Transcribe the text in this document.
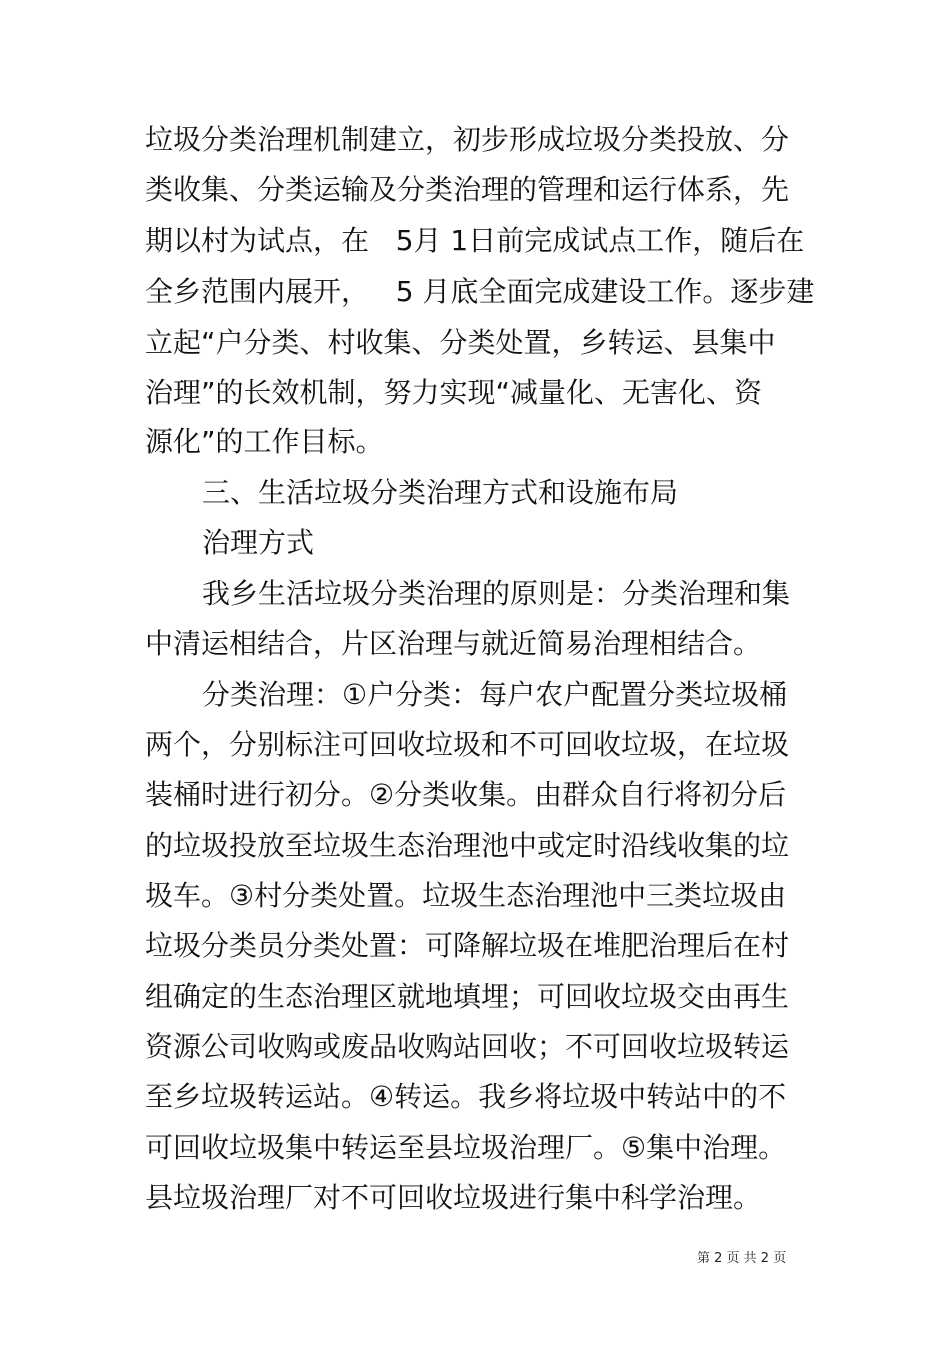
垃圾分类治理机制建立，初步形成垃圾分类投放、分
类收集、分类运输及分类治理的管理和运行体系，先
期以村为试点，在   5月 1日前完成试点工作，随后在
全乡范围内展开，   5 月底全面完成建设工作。逐步建
立起“户分类、村收集、分类处置，乡转运、县集中
治理”的长效机制，努力实现“减量化、无害化、资
源化”的工作目标。
三、生活垃圾分类治理方式和设施布局
治理方式
我乡生活垃圾分类治理的原则是：分类治理和集
中清运相结合，片区治理与就近简易治理相结合。
分类治理：①户分类：每户农户配置分类垃圾桶
两个，分别标注可回收垃圾和不可回收垃圾，在垃圾
装桶时进行初分。②分类收集。由群众自行将初分后
的垃圾投放至垃圾生态治理池中或定时沿线收集的垃
圾车。③村分类处置。垃圾生态治理池中三类垃圾由
垃圾分类员分类处置：可降解垃圾在堆肥治理后在村
组确定的生态治理区就地填埋；可回收垃圾交由再生
资源公司收购或废品收购站回收；不可回收垃圾转运
至乡垃圾转运站。④转运。我乡将垃圾中转站中的不
可回收垃圾集中转运至县垃圾治理厂。⑤集中治理。
县垃圾治理厂对不可回收垃圾进行集中科学治理。
第 2 页 共 2 页
